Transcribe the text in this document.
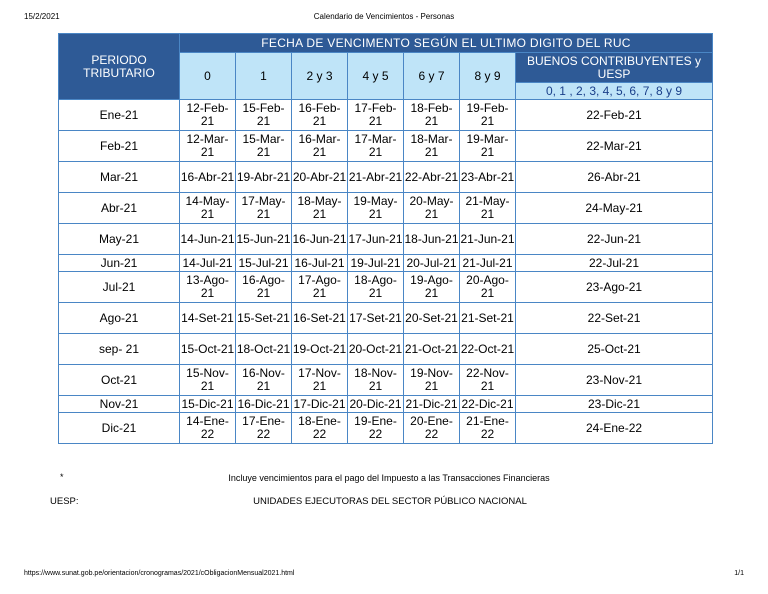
15/2/2021	Calendario de Vencimientos - Personas
PERIODO TRIBUTARIO	FECHA DE VENCIMENTO SEGÚN EL ULTIMO DIGITO DEL RUC						
	0	1	2 y 3	4 y 5	6 y 7	8 y 9	BUENOS CONTRIBUYENTES y UESP
							0, 1 , 2, 3, 4, 5, 6, 7, 8 y 9
Ene-21	12-Feb-21	15-Feb-21	16-Feb-21	17-Feb-21	18-Feb-21	19-Feb-21	22-Feb-21
Feb-21	12-Mar-21	15-Mar-21	16-Mar-21	17-Mar-21	18-Mar-21	19-Mar-21	22-Mar-21
Mar-21	16-Abr-21	19-Abr-21	20-Abr-21	21-Abr-21	22-Abr-21	23-Abr-21	26-Abr-21
Abr-21	14-May-21	17-May-21	18-May-21	19-May-21	20-May-21	21-May-21	24-May-21
May-21	14-Jun-21	15-Jun-21	16-Jun-21	17-Jun-21	18-Jun-21	21-Jun-21	22-Jun-21
Jun-21	14-Jul-21	15-Jul-21	16-Jul-21	19-Jul-21	20-Jul-21	21-Jul-21	22-Jul-21
Jul-21	13-Ago-21	16-Ago-21	17-Ago-21	18-Ago-21	19-Ago-21	20-Ago-21	23-Ago-21
Ago-21	14-Set-21	15-Set-21	16-Set-21	17-Set-21	20-Set-21	21-Set-21	22-Set-21
sep- 21	15-Oct-21	18-Oct-21	19-Oct-21	20-Oct-21	21-Oct-21	22-Oct-21	25-Oct-21
Oct-21	15-Nov-21	16-Nov-21	17-Nov-21	18-Nov-21	19-Nov-21	22-Nov-21	23-Nov-21
Nov-21	15-Dic-21	16-Dic-21	17-Dic-21	20-Dic-21	21-Dic-21	22-Dic-21	23-Dic-21
Dic-21	14-Ene-22	17-Ene-22	18-Ene-22	19-Ene-22	20-Ene-22	21-Ene-22	24-Ene-22
*	Incluye vencimientos para el pago del Impuesto a las Transacciones Financieras
UESP:	UNIDADES EJECUTORAS DEL SECTOR PÚBLICO NACIONAL
https://www.sunat.gob.pe/orientacion/cronogramas/2021/cObligacionMensual2021.html	1/1
